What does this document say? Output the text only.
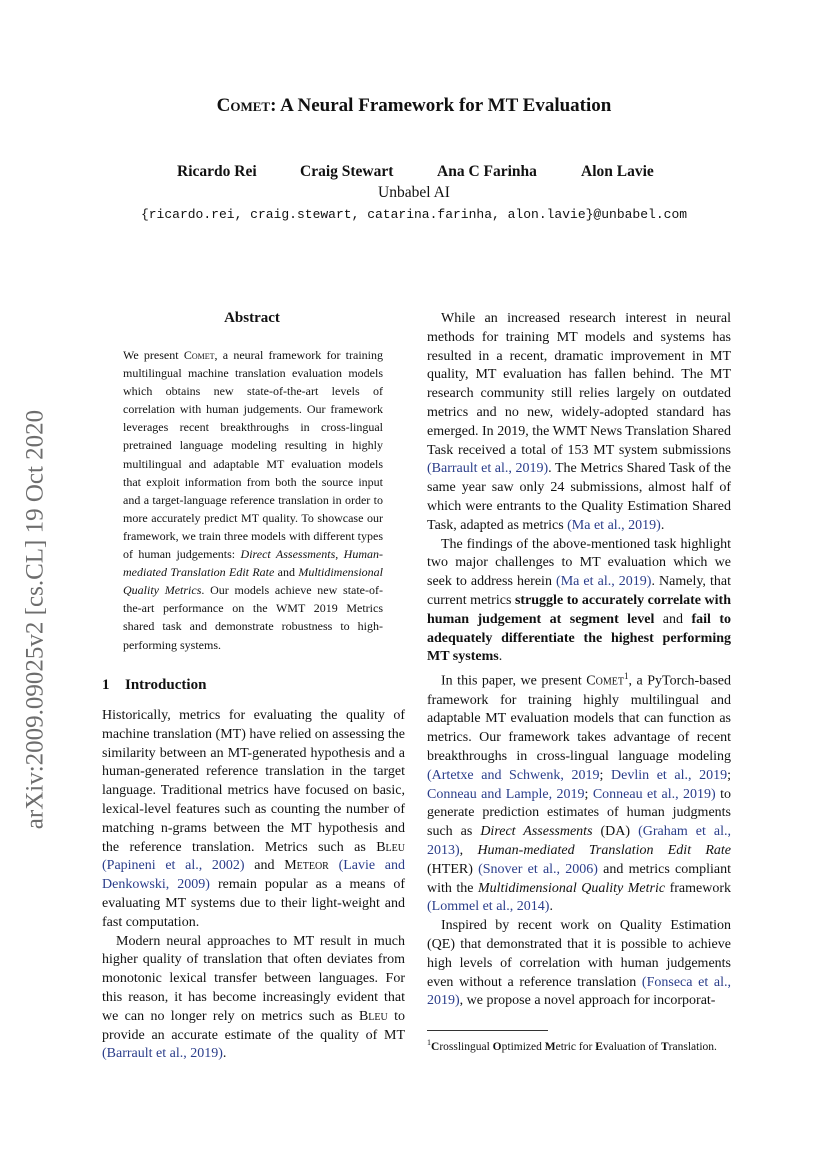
Comet: A Neural Framework for MT Evaluation
Ricardo Rei	Craig Stewart	Ana C Farinha	Alon Lavie
Unbabel AI
{ricardo.rei, craig.stewart, catarina.farinha, alon.lavie}@unbabel.com
arXiv:2009.09025v2 [cs.CL] 19 Oct 2020
Abstract
We present Comet, a neural framework for training multilingual machine translation evaluation models which obtains new state-of-the-art levels of correlation with human judgements. Our framework leverages recent breakthroughs in cross-lingual pretrained language modeling resulting in highly multilingual and adaptable MT evaluation models that exploit information from both the source input and a target-language reference translation in order to more accurately predict MT quality. To showcase our framework, we train three models with different types of human judgements: Direct Assessments, Human-mediated Translation Edit Rate and Multidimensional Quality Metrics. Our models achieve new state-of-the-art performance on the WMT 2019 Metrics shared task and demonstrate robustness to high-performing systems.
1 Introduction

Historically, metrics for evaluating the quality of machine translation (MT) have relied on assessing the similarity between an MT-generated hypothesis and a human-generated reference translation in the target language. Traditional metrics have focused on basic, lexical-level features such as counting the number of matching n-grams between the MT hypothesis and the reference translation. Metrics such as Bleu (Papineni et al., 2002) and Meteor (Lavie and Denkowski, 2009) remain popular as a means of evaluating MT systems due to their light-weight and fast computation.

Modern neural approaches to MT result in much higher quality of translation that often deviates from monotonic lexical transfer between languages. For this reason, it has become increasingly evident that we can no longer rely on metrics such as Bleu to provide an accurate estimate of the quality of MT (Barrault et al., 2019).

While an increased research interest in neural methods for training MT models and systems has resulted in a recent, dramatic improvement in MT quality, MT evaluation has fallen behind. The MT research community still relies largely on outdated metrics and no new, widely-adopted standard has emerged. In 2019, the WMT News Translation Shared Task received a total of 153 MT system submissions (Barrault et al., 2019). The Metrics Shared Task of the same year saw only 24 submissions, almost half of which were entrants to the Quality Estimation Shared Task, adapted as metrics (Ma et al., 2019).

The findings of the above-mentioned task highlight two major challenges to MT evaluation which we seek to address herein (Ma et al., 2019). Namely, that current metrics struggle to accurately correlate with human judgement at segment level and fail to adequately differentiate the highest performing MT systems.

In this paper, we present Comet$^1$, a PyTorch-based framework for training highly multilingual and adaptable MT evaluation models that can function as metrics. Our framework takes advantage of recent breakthroughs in cross-lingual language modeling (Artetxe and Schwenk, 2019; Devlin et al., 2019; Conneau and Lample, 2019; Conneau et al., 2019) to generate prediction estimates of human judgments such as Direct Assessments (DA) (Graham et al., 2013), Human-mediated Translation Edit Rate (HTER) (Snover et al., 2006) and metrics compliant with the Multidimensional Quality Metric framework (Lommel et al., 2014).

Inspired by recent work on Quality Estimation (QE) that demonstrated that it is possible to achieve high levels of correlation with human judgements even without a reference translation (Fonseca et al., 2019), we propose a novel approach for incorporat-

$^1$Crosslingual Optimized Metric for Evaluation of Translation.
